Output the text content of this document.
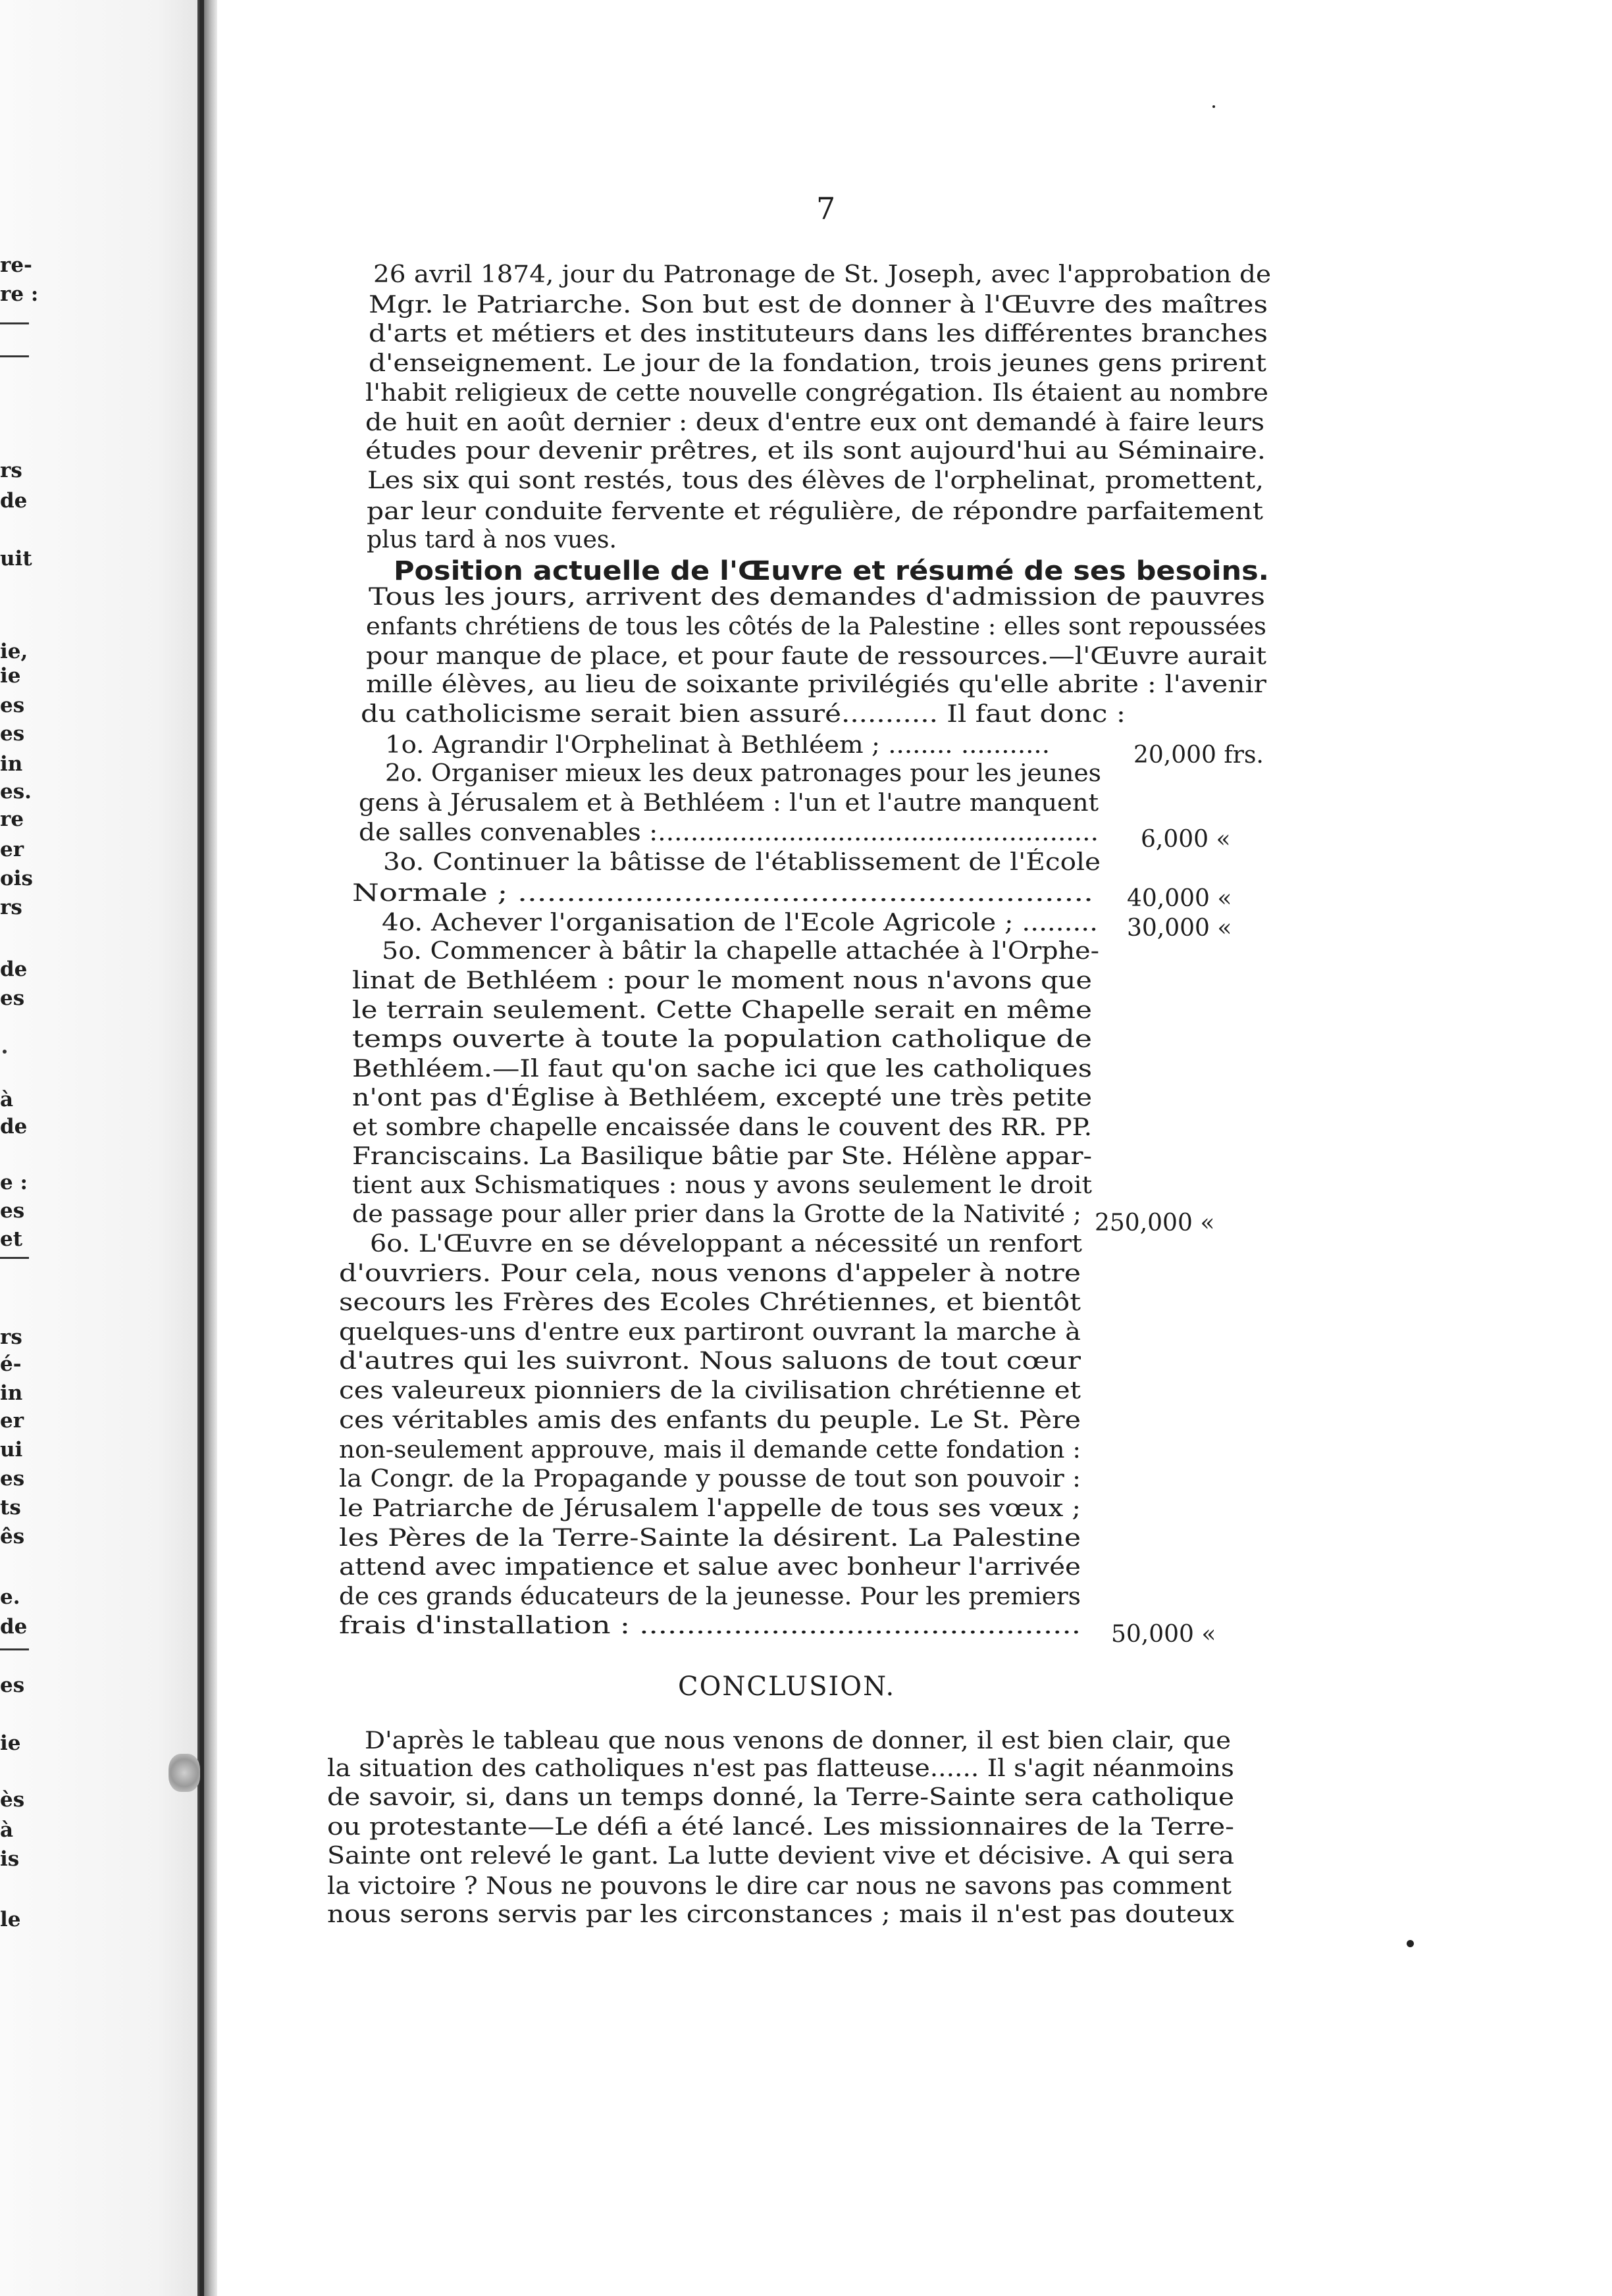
re-
re :
rs
de
uit
ie,
ie
es
es
in
es.
re
er
ois
rs
de
es
à
de
e :
es
et
rs
é-
in
er
ui
es
ts
ês
e.
de
es
ie
ès
à
is
le
7
26 avril 1874, jour du Patronage de St. Joseph, avec l'approbation de
Mgr. le Patriarche. Son but est de donner à l'Œuvre des maîtres
d'arts et métiers et des instituteurs dans les différentes branches
d'enseignement. Le jour de la fondation, trois jeunes gens prirent
l'habit religieux de cette nouvelle congrégation. Ils étaient au nombre
de huit en août dernier : deux d'entre eux ont demandé à faire leurs
études pour devenir prêtres, et ils sont aujourd'hui au Séminaire.
Les six qui sont restés, tous des élèves de l'orphelinat, promettent,
par leur conduite fervente et régulière, de répondre parfaitement
plus tard à nos vues.
Position actuelle de l'Œuvre et résumé de ses besoins.
Tous les jours, arrivent des demandes d'admission de pauvres
enfants chrétiens de tous les côtés de la Palestine : elles sont repoussées
pour manque de place, et pour faute de ressources.—l'Œuvre aurait
mille élèves, au lieu de soixante privilégiés qu'elle abrite : l'avenir
du catholicisme serait bien assuré........... Il faut donc :
1o. Agrandir l'Orphelinat à Bethléem ; ........ ...........	20,000 frs.
2o. Organiser mieux les deux patronages pour les jeunes
gens à Jérusalem et à Bethléem : l'un et l'autre manquent
de salles convenables :...................................................... 6,000 «
3o. Continuer la bâtisse de l'établissement de l'École
Normale ; ........................................................... 40,000 «
4o. Achever l'organisation de l'Ecole Agricole ; ......... 30,000 «
5o. Commencer à bâtir la chapelle attachée à l'Orphe-
linat de Bethléem : pour le moment nous n'avons que
le terrain seulement. Cette Chapelle serait en même
temps ouverte à toute la population catholique de
Bethléem.—Il faut qu'on sache ici que les catholiques
n'ont pas d'Église à Bethléem, excepté une très petite
et sombre chapelle encaissée dans le couvent des RR. PP.
Franciscains. La Basilique bâtie par Ste. Hélène appar-
tient aux Schismatiques : nous y avons seulement le droit
de passage pour aller prier dans la Grotte de la Nativité ; 250,000 «
6o. L'Œuvre en se développant a nécessité un renfort
d'ouvriers. Pour cela, nous venons d'appeler à notre
secours les Frères des Ecoles Chrétiennes, et bientôt
quelques-uns d'entre eux partiront ouvrant la marche à
d'autres qui les suivront. Nous saluons de tout cœur
ces valeureux pionniers de la civilisation chrétienne et
ces véritables amis des enfants du peuple. Le St. Père
non-seulement approuve, mais il demande cette fondation :
la Congr. de la Propagande y pousse de tout son pouvoir :
le Patriarche de Jérusalem l'appelle de tous ses vœux ;
les Pères de la Terre-Sainte la désirent. La Palestine
attend avec impatience et salue avec bonheur l'arrivée
de ces grands éducateurs de la jeunesse. Pour les premiers
frais d'installation : ............................................... 50,000 «
D'après le tableau que nous venons de donner, il est bien clair, que
la situation des catholiques n'est pas flatteuse...... Il s'agit néanmoins
de savoir, si, dans un temps donné, la Terre-Sainte sera catholique
ou protestante—Le défi a été lancé. Les missionnaires de la Terre-
Sainte ont relevé le gant. La lutte devient vive et décisive. A qui sera
la victoire ? Nous ne pouvons le dire car nous ne savons pas comment
nous serons servis par les circonstances ; mais il n'est pas douteux
CONCLUSION.
